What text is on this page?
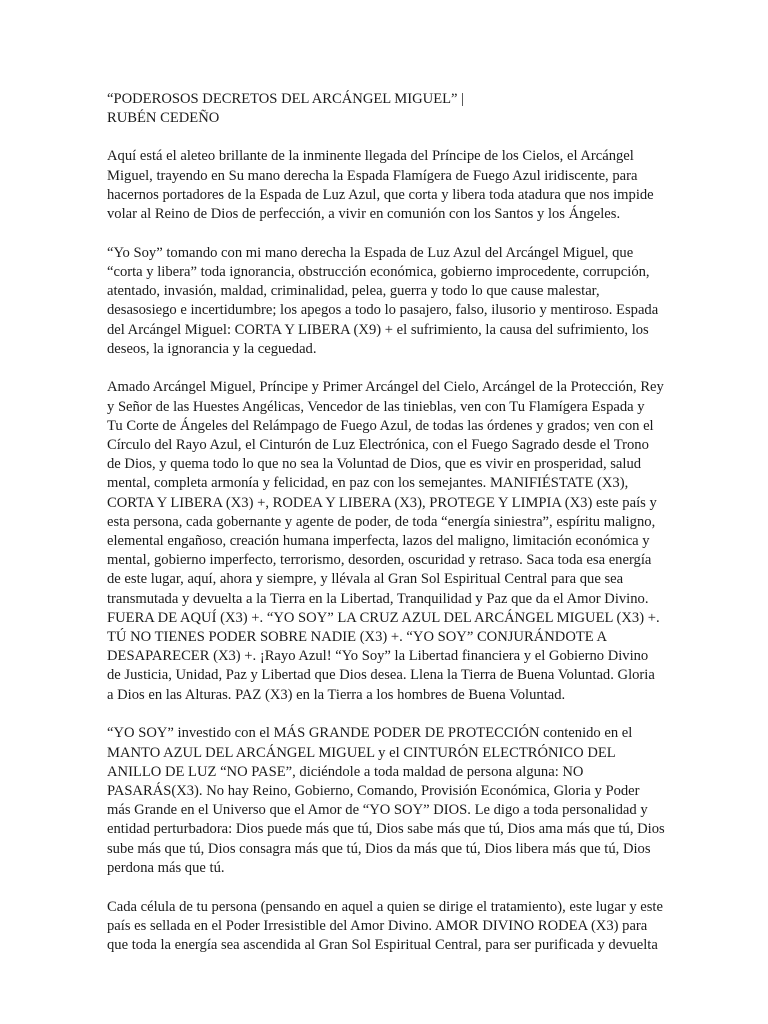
“PODEROSOS DECRETOS DEL ARCÁNGEL MIGUEL” |
RUBÉN CEDEÑO
Aquí está el aleteo brillante de la inminente llegada del Príncipe de los Cielos, el Arcángel
Miguel, trayendo en Su mano derecha la Espada Flamígera de Fuego Azul iridiscente, para
hacernos portadores de la Espada de Luz Azul, que corta y libera toda atadura que nos impide
volar al Reino de Dios de perfección, a vivir en comunión con los Santos y los Ángeles.
“Yo Soy” tomando con mi mano derecha la Espada de Luz Azul del Arcángel Miguel, que
“corta y libera” toda ignorancia, obstrucción económica, gobierno improcedente, corrupción,
atentado, invasión, maldad, criminalidad, pelea, guerra y todo lo que cause malestar,
desasosiego e incertidumbre; los apegos a todo lo pasajero, falso, ilusorio y mentiroso. Espada
del Arcángel Miguel: CORTA Y LIBERA (X9) + el sufrimiento, la causa del sufrimiento, los
deseos, la ignorancia y la ceguedad.
Amado Arcángel Miguel, Príncipe y Primer Arcángel del Cielo, Arcángel de la Protección, Rey
y Señor de las Huestes Angélicas, Vencedor de las tinieblas, ven con Tu Flamígera Espada y
Tu Corte de Ángeles del Relámpago de Fuego Azul, de todas las órdenes y grados; ven con el
Círculo del Rayo Azul, el Cinturón de Luz Electrónica, con el Fuego Sagrado desde el Trono
de Dios, y quema todo lo que no sea la Voluntad de Dios, que es vivir en prosperidad, salud
mental, completa armonía y felicidad, en paz con los semejantes. MANIFIÉSTATE (X3),
CORTA Y LIBERA (X3) +, RODEA Y LIBERA (X3), PROTEGE Y LIMPIA (X3) este país y
esta persona, cada gobernante y agente de poder, de toda “energía siniestra”, espíritu maligno,
elemental engañoso, creación humana imperfecta, lazos del maligno, limitación económica y
mental, gobierno imperfecto, terrorismo, desorden, oscuridad y retraso. Saca toda esa energía
de este lugar, aquí, ahora y siempre, y llévala al Gran Sol Espiritual Central para que sea
transmutada y devuelta a la Tierra en la Libertad, Tranquilidad y Paz que da el Amor Divino.
FUERA DE AQUÍ (X3) +. “YO SOY” LA CRUZ AZUL DEL ARCÁNGEL MIGUEL (X3) +.
TÚ NO TIENES PODER SOBRE NADIE (X3) +. “YO SOY” CONJURÁNDOTE A
DESAPARECER (X3) +. ¡Rayo Azul! “Yo Soy” la Libertad financiera y el Gobierno Divino
de Justicia, Unidad, Paz y Libertad que Dios desea. Llena la Tierra de Buena Voluntad. Gloria
a Dios en las Alturas. PAZ (X3) en la Tierra a los hombres de Buena Voluntad.
“YO SOY” investido con el MÁS GRANDE PODER DE PROTECCIÓN contenido en el
MANTO AZUL DEL ARCÁNGEL MIGUEL y el CINTURÓN ELECTRÓNICO DEL
ANILLO DE LUZ “NO PASE”, diciéndole a toda maldad de persona alguna: NO
PASARÁS(X3). No hay Reino, Gobierno, Comando, Provisión Económica, Gloria y Poder
más Grande en el Universo que el Amor de “YO SOY” DIOS. Le digo a toda personalidad y
entidad perturbadora: Dios puede más que tú, Dios sabe más que tú, Dios ama más que tú, Dios
sube más que tú, Dios consagra más que tú, Dios da más que tú, Dios libera más que tú, Dios
perdona más que tú.
Cada célula de tu persona (pensando en aquel a quien se dirige el tratamiento), este lugar y este
país es sellada en el Poder Irresistible del Amor Divino. AMOR DIVINO RODEA (X3) para
que toda la energía sea ascendida al Gran Sol Espiritual Central, para ser purificada y devuelta
